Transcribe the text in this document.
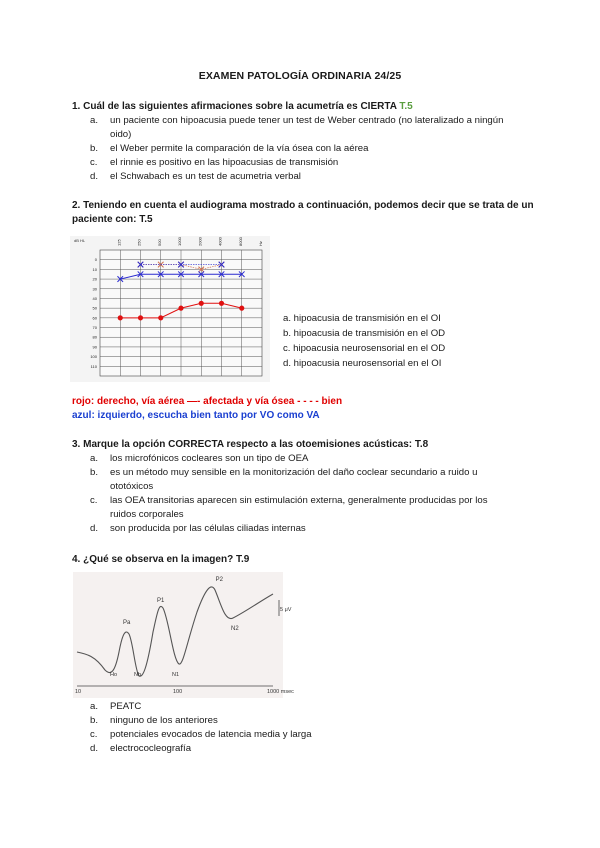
EXAMEN PATOLOGÍA ORDINARIA 24/25
1. Cuál de las siguientes afirmaciones sobre la acumetría es CIERTA T.5
a.	un paciente con hipoacusia puede tener un test de Weber centrado (no lateralizado a ningún oido)
b.	el Weber permite la comparación de la vía ósea con la aérea
c.	el rinnie es positivo en las hipoacusias de transmisión
d.	el Schwabach es un test de acumetria verbal
2. Teniendo en cuenta el audiograma mostrado a continuación, podemos decir que se trata de un paciente con: T.5
dB HL	125	250	500	1000	2000	4000	8000	Hz
0
10
20
30
40
50
60
70
80
90
100
110
a. hipoacusia de transmisión en el OI
b. hipoacusia de transmisión en el OD
c. hipoacusia neurosensorial en el OD
d. hipoacusia neurosensorial en el OI
rojo: derecho, vía aérea —- afectada y vía ósea - - - - bien
azul: izquierdo, escucha bien tanto por VO como VA
3. Marque la opción CORRECTA respecto a las otoemisiones acústicas: T.8
a.	los microfónicos cocleares son un tipo de OEA
b.	es un método muy sensible en la monitorización del daño coclear secundario a ruido u ototóxicos
c.	las OEA transitorias aparecen sin estimulación externa, generalmente producidas por los ruidos corporales
d.	son producida por las células ciliadas internas
4. ¿Qué se observa en la imagen? T.9
5 μV
P2
P1
Pa
N2
Ho	Nb	N1
10	100	1000 msec
a.	PEATC
b.	ninguno de los anteriores
c.	potenciales evocados de latencia media y larga
d.	electrococleografía
